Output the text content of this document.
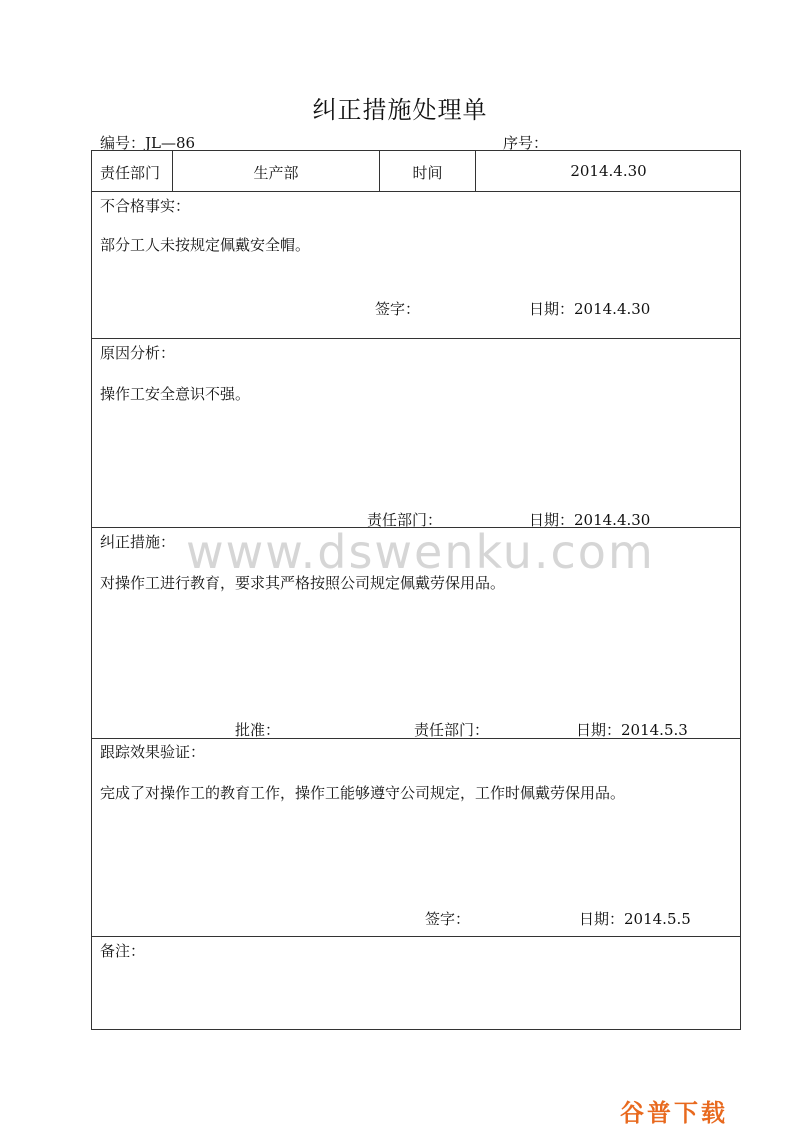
纠正措施处理单
编号：JL—86	序号：
责任部门	生产部	时间	2014.4.30
不合格事实：
部分工人未按规定佩戴安全帽。
签字：	日期：2014.4.30
原因分析：
操作工安全意识不强。
责任部门：	日期：2014.4.30
纠正措施：
对操作工进行教育，要求其严格按照公司规定佩戴劳保用品。
批准：	责任部门：	日期：2014.5.3
跟踪效果验证：
完成了对操作工的教育工作，操作工能够遵守公司规定，工作时佩戴劳保用品。
签字：	日期：2014.5.5
备注：
www.dswenku.com
谷普下载
